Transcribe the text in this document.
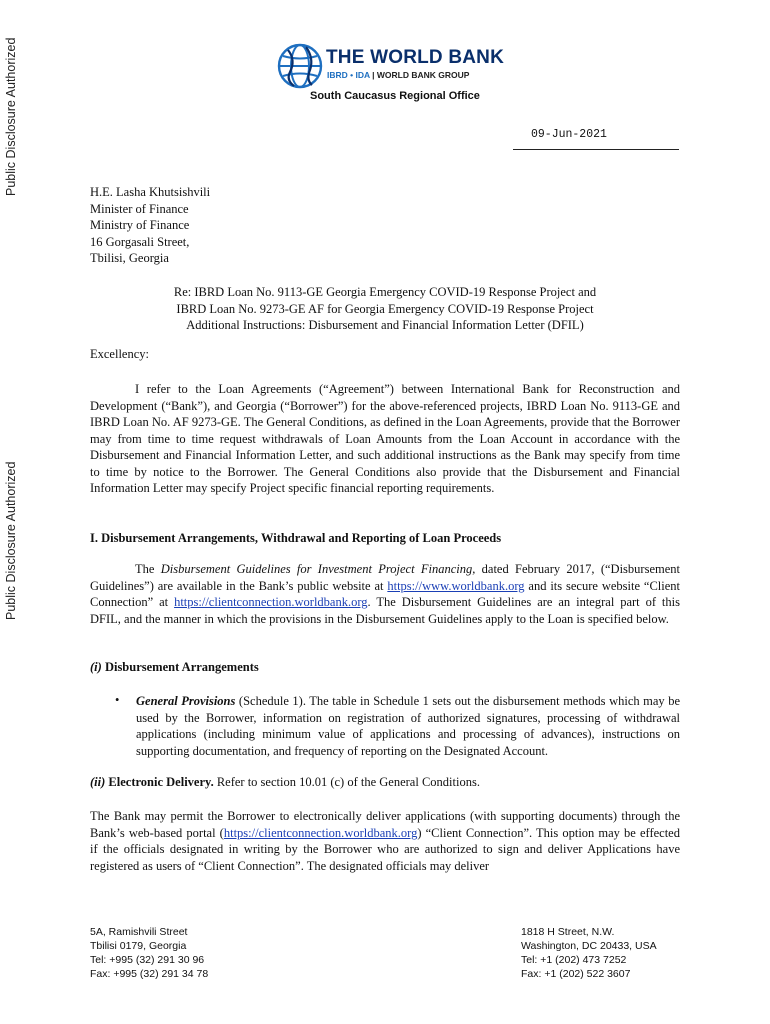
Public Disclosure Authorized
Public Disclosure Authorized
THE WORLD BANK
IBRD • IDA | WORLD BANK GROUP
South Caucasus Regional Office
09-Jun-2021
H.E. Lasha Khutsishvili
Minister of Finance
Ministry of Finance
16 Gorgasali Street,
Tbilisi, Georgia
Re: IBRD Loan No. 9113-GE Georgia Emergency COVID-19 Response Project and
IBRD Loan No. 9273-GE AF for Georgia Emergency COVID-19 Response Project
Additional Instructions: Disbursement and Financial Information Letter (DFIL)
Excellency:
I refer to the Loan Agreements (“Agreement”) between International Bank for Reconstruction and Development (“Bank”), and Georgia (“Borrower”) for the above-referenced projects, IBRD Loan No. 9113-GE and IBRD Loan No. AF 9273-GE. The General Conditions, as defined in the Loan Agreements, provide that the Borrower may from time to time request withdrawals of Loan Amounts from the Loan Account in accordance with the Disbursement and Financial Information Letter, and such additional instructions as the Bank may specify from time to time by notice to the Borrower. The General Conditions also provide that the Disbursement and Financial Information Letter may specify Project specific financial reporting requirements.
I. Disbursement Arrangements, Withdrawal and Reporting of Loan Proceeds
The Disbursement Guidelines for Investment Project Financing, dated February 2017, (“Disbursement Guidelines”) are available in the Bank’s public website at https://www.worldbank.org and its secure website “Client Connection” at https://clientconnection.worldbank.org. The Disbursement Guidelines are an integral part of this DFIL, and the manner in which the provisions in the Disbursement Guidelines apply to the Loan is specified below.
(i) Disbursement Arrangements
• General Provisions (Schedule 1). The table in Schedule 1 sets out the disbursement methods which may be used by the Borrower, information on registration of authorized signatures, processing of withdrawal applications (including minimum value of applications and processing of advances), instructions on supporting documentation, and frequency of reporting on the Designated Account.
(ii) Electronic Delivery. Refer to section 10.01 (c) of the General Conditions.
The Bank may permit the Borrower to electronically deliver applications (with supporting documents) through the Bank’s web-based portal (https://clientconnection.worldbank.org) “Client Connection”. This option may be effected if the officials designated in writing by the Borrower who are authorized to sign and deliver Applications have registered as users of “Client Connection”. The designated officials may deliver
5A, Ramishvili Street
Tbilisi 0179, Georgia
Tel: +995 (32) 291 30 96
Fax: +995 (32) 291 34 78
1818 H Street, N.W.
Washington, DC 20433, USA
Tel: +1 (202) 473 7252
Fax: +1 (202) 522 3607
